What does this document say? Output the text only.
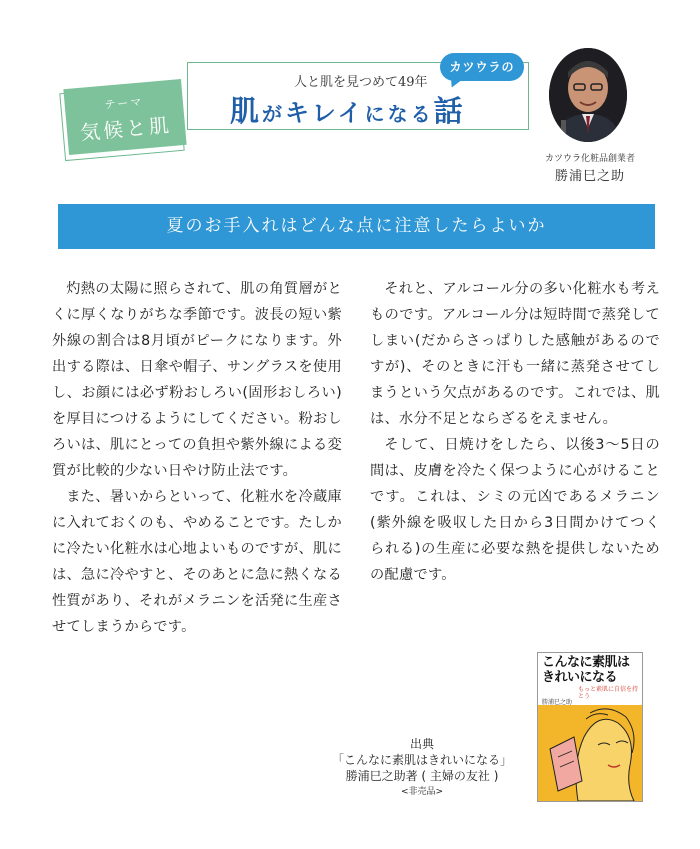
テーマ
気候と肌
人と肌を見つめて49年
肌がキレイになる話
カツウラの
カツウラ化粧品創業者
勝浦巳之助
夏のお手入れはどんな点に注意したらよいか

灼熱の太陽に照らされて、肌の角質層がとくに厚くなりがちな季節です。波長の短い紫外線の割合は8月頃がピークになります。外出する際は、日傘や帽子、サングラスを使用し、お顔には必ず粉おしろい(固形おしろい)を厚目につけるようにしてください。粉おしろいは、肌にとっての負担や紫外線による変質が比較的少ない日やけ防止法です。

また、暑いからといって、化粧水を冷蔵庫に入れておくのも、やめることです。たしかに冷たい化粧水は心地よいものですが、肌には、急に冷やすと、そのあとに急に熱くなる性質があり、それがメラニンを活発に生産させてしまうからです。

それと、アルコール分の多い化粧水も考えものです。アルコール分は短時間で蒸発してしまい(だからさっぱりした感触があるのですが)、そのときに汗も一緒に蒸発させてしまうという欠点があるのです。これでは、肌は、水分不足とならざるをえません。

そして、日焼けをしたら、以後3〜5日の間は、皮膚を冷たく保つように心がけることです。これは、シミの元凶であるメラニン(紫外線を吸収した日から3日間かけてつくられる)の生産に必要な熱を提供しないための配慮です。

出典
「こんなに素肌はきれいになる」
勝浦巳之助著 ( 主婦の友社 )
<非売品>
こんなに素肌はきれいになる
もっと素肌に自信を持とう
勝浦巳之助
